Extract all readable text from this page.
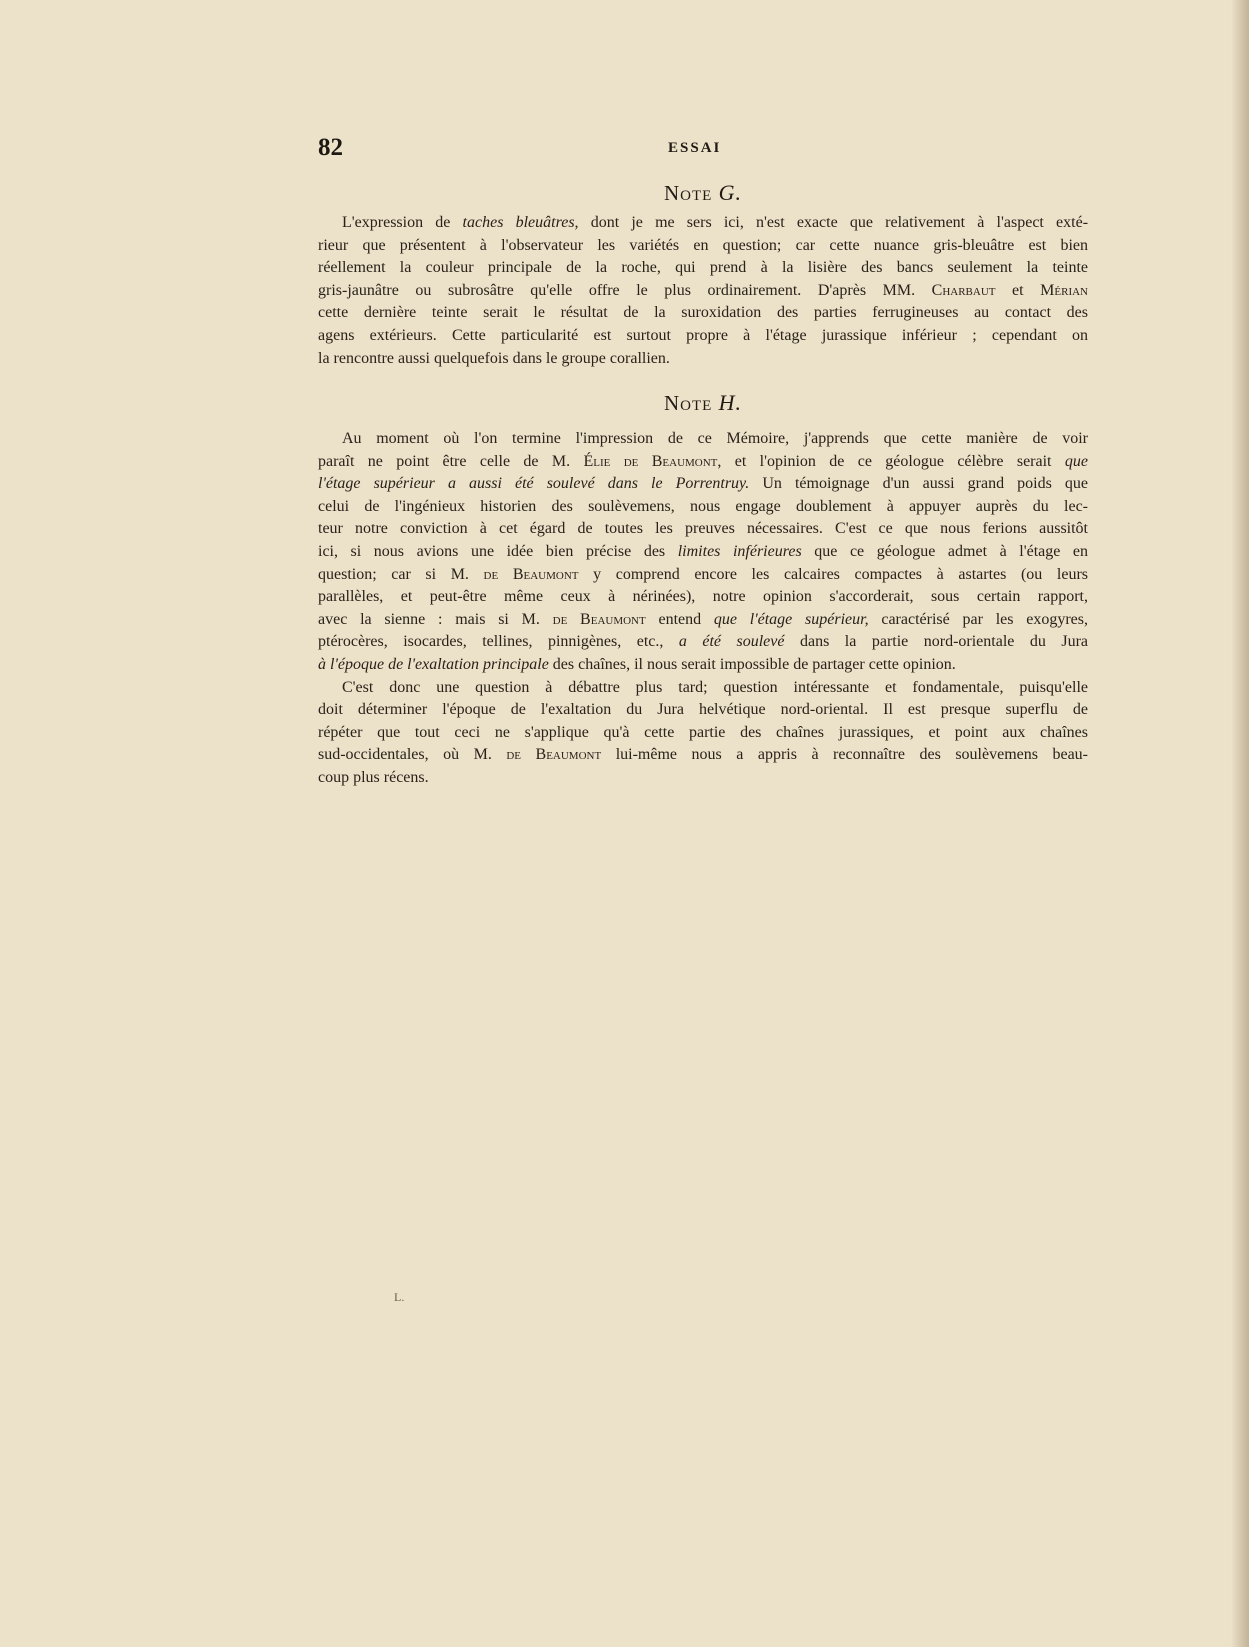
82	ESSAI
Note G.
L'expression de taches bleuâtres, dont je me sers ici, n'est exacte que relativement à l'aspect exté-
rieur que présentent à l'observateur les variétés en question; car cette nuance gris-bleuâtre est bien
réellement la couleur principale de la roche, qui prend à la lisière des bancs seulement la teinte
gris-jaunâtre ou subrosâtre qu'elle offre le plus ordinairement. D'après MM. Charbaut et Mérian
cette dernière teinte serait le résultat de la suroxidation des parties ferrugineuses au contact des
agens extérieurs. Cette particularité est surtout propre à l'étage jurassique inférieur ; cependant on
la rencontre aussi quelquefois dans le groupe corallien.
Note H.
Au moment où l'on termine l'impression de ce Mémoire, j'apprends que cette manière de voir
paraît ne point être celle de M. Élie de Beaumont, et l'opinion de ce géologue célèbre serait que
l'étage supérieur a aussi été soulevé dans le Porrentruy. Un témoignage d'un aussi grand poids que
celui de l'ingénieux historien des soulèvemens, nous engage doublement à appuyer auprès du lec-
teur notre conviction à cet égard de toutes les preuves nécessaires. C'est ce que nous ferions aussitôt
ici, si nous avions une idée bien précise des limites inférieures que ce géologue admet à l'étage en
question; car si M. de Beaumont y comprend encore les calcaires compactes à astartes (ou leurs
parallèles, et peut-être même ceux à nérinées), notre opinion s'accorderait, sous certain rapport,
avec la sienne : mais si M. de Beaumont entend que l'étage supérieur, caractérisé par les exogyres,
ptérocères, isocardes, tellines, pinnigènes, etc., a été soulevé dans la partie nord-orientale du Jura
à l'époque de l'exaltation principale des chaînes, il nous serait impossible de partager cette opinion.
C'est donc une question à débattre plus tard; question intéressante et fondamentale, puisqu'elle
doit déterminer l'époque de l'exaltation du Jura helvétique nord-oriental. Il est presque superflu de
répéter que tout ceci ne s'applique qu'à cette partie des chaînes jurassiques, et point aux chaînes
sud-occidentales, où M. de Beaumont lui-même nous a appris à reconnaître des soulèvemens beau-
coup plus récens.
L.
